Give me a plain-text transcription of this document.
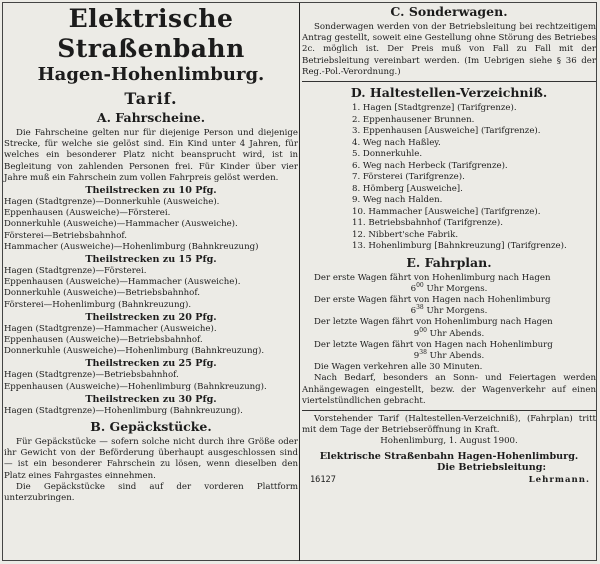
Elektrische Straßenbahn
Hagen-Hohenlimburg.
Tarif.
A. Fahrscheine.
Die Fahrscheine gelten nur für diejenige Person und diejenige Strecke, für welche sie gelöst sind. Ein Kind unter 4 Jahren, für welches ein besonderer Platz nicht beansprucht wird, ist in Begleitung von zahlenden Personen frei. Für Kinder über vier Jahre muß ein Fahrschein zum vollen Fahrpreis gelöst werden.
Theilstrecken zu 10 Pfg.
Hagen (Stadtgrenze)—Donnerkuhle (Ausweiche).
Eppenhausen (Ausweiche)—Försterei.
Donnerkuhle (Ausweiche)—Hammacher (Ausweiche).
Försterei—Betriebsbahnhof.
Hammacher (Ausweiche)—Hohenlimburg (Bahnkreuzung)
Theilstrecken zu 15 Pfg.
Hagen (Stadtgrenze)—Försterei.
Eppenhausen (Ausweiche)—Hammacher (Ausweiche).
Donnerkuhle (Ausweiche)—Betriebsbahnhof.
Försterei—Hohenlimburg (Bahnkreuzung).
Theilstrecken zu 20 Pfg.
Hagen (Stadtgrenze)—Hammacher (Ausweiche).
Eppenhausen (Ausweiche)—Betriebsbahnhof.
Donnerkuhle (Ausweiche)—Hohenlimburg (Bahnkreuzung).
Theilstrecken zu 25 Pfg.
Hagen (Stadtgrenze)—Betriebsbahnhof.
Eppenhausen (Ausweiche)—Hohenlimburg (Bahnkreuzung).
Theilstrecken zu 30 Pfg.
Hagen (Stadtgrenze)—Hohenlimburg (Bahnkreuzung).
B. Gepäckstücke.
Für Gepäckstücke — sofern solche nicht durch ihre Größe oder ihr Gewicht von der Beförderung überhaupt ausgeschlossen sind — ist ein besonderer Fahrschein zu lösen, wenn dieselben den Platz eines Fahrgastes einnehmen.
Die Gepäckstücke sind auf der vorderen Plattform unterzubringen.
C. Sonderwagen.
Sonderwagen werden von der Betriebsleitung bei rechtzeitigem Antrag gestellt, soweit eine Gestellung ohne Störung des Betriebes 2c. möglich ist. Der Preis muß von Fall zu Fall mit der Betriebsleitung vereinbart werden. (Im Uebrigen siehe § 36 der Reg.-Pol.-Verordnung.)
D. Haltestellen-Verzeichniß.
1. Hagen [Stadtgrenze] (Tarifgrenze).
2. Eppenhausener Brunnen.
3. Eppenhausen [Ausweiche] (Tarifgrenze).
4. Weg nach Haßley.
5. Donnerkuhle.
6. Weg nach Herbeck (Tarifgrenze).
7. Försterei (Tarifgrenze).
8. Hömberg [Ausweiche].
9. Weg nach Halden.
10. Hammacher [Ausweiche] (Tarifgrenze).
11. Betriebsbahnhof (Tarifgrenze).
12. Nibbert'sche Fabrik.
13. Hohenlimburg [Bahnkreuzung] (Tarifgrenze).
E. Fahrplan.
Der erste Wagen fährt von Hohenlimburg nach Hagen
$6^{00}$ Uhr Morgens.
Der erste Wagen fährt von Hagen nach Hohenlimburg
$6^{38}$ Uhr Morgens.
Der letzte Wagen fährt von Hohenlimburg nach Hagen
$9^{00}$ Uhr Abends.
Der letzte Wagen fährt von Hagen nach Hohenlimburg
$9^{38}$ Uhr Abends.
Die Wagen verkehren alle 30 Minuten.
Nach Bedarf, besonders an Sonn- und Feiertagen werden Anhängewagen eingestellt, bezw. der Wagenverkehr auf einen viertelstündlichen gebracht.
Vorstehender Tarif (Haltestellen-Verzeichniß), (Fahrplan) tritt mit dem Tage der Betriebseröffnung in Kraft.
Hohenlimburg, 1. August 1900.
Elektrische Straßenbahn Hagen-Hohenlimburg.
Die Betriebsleitung:
16127	Lehrmann.
